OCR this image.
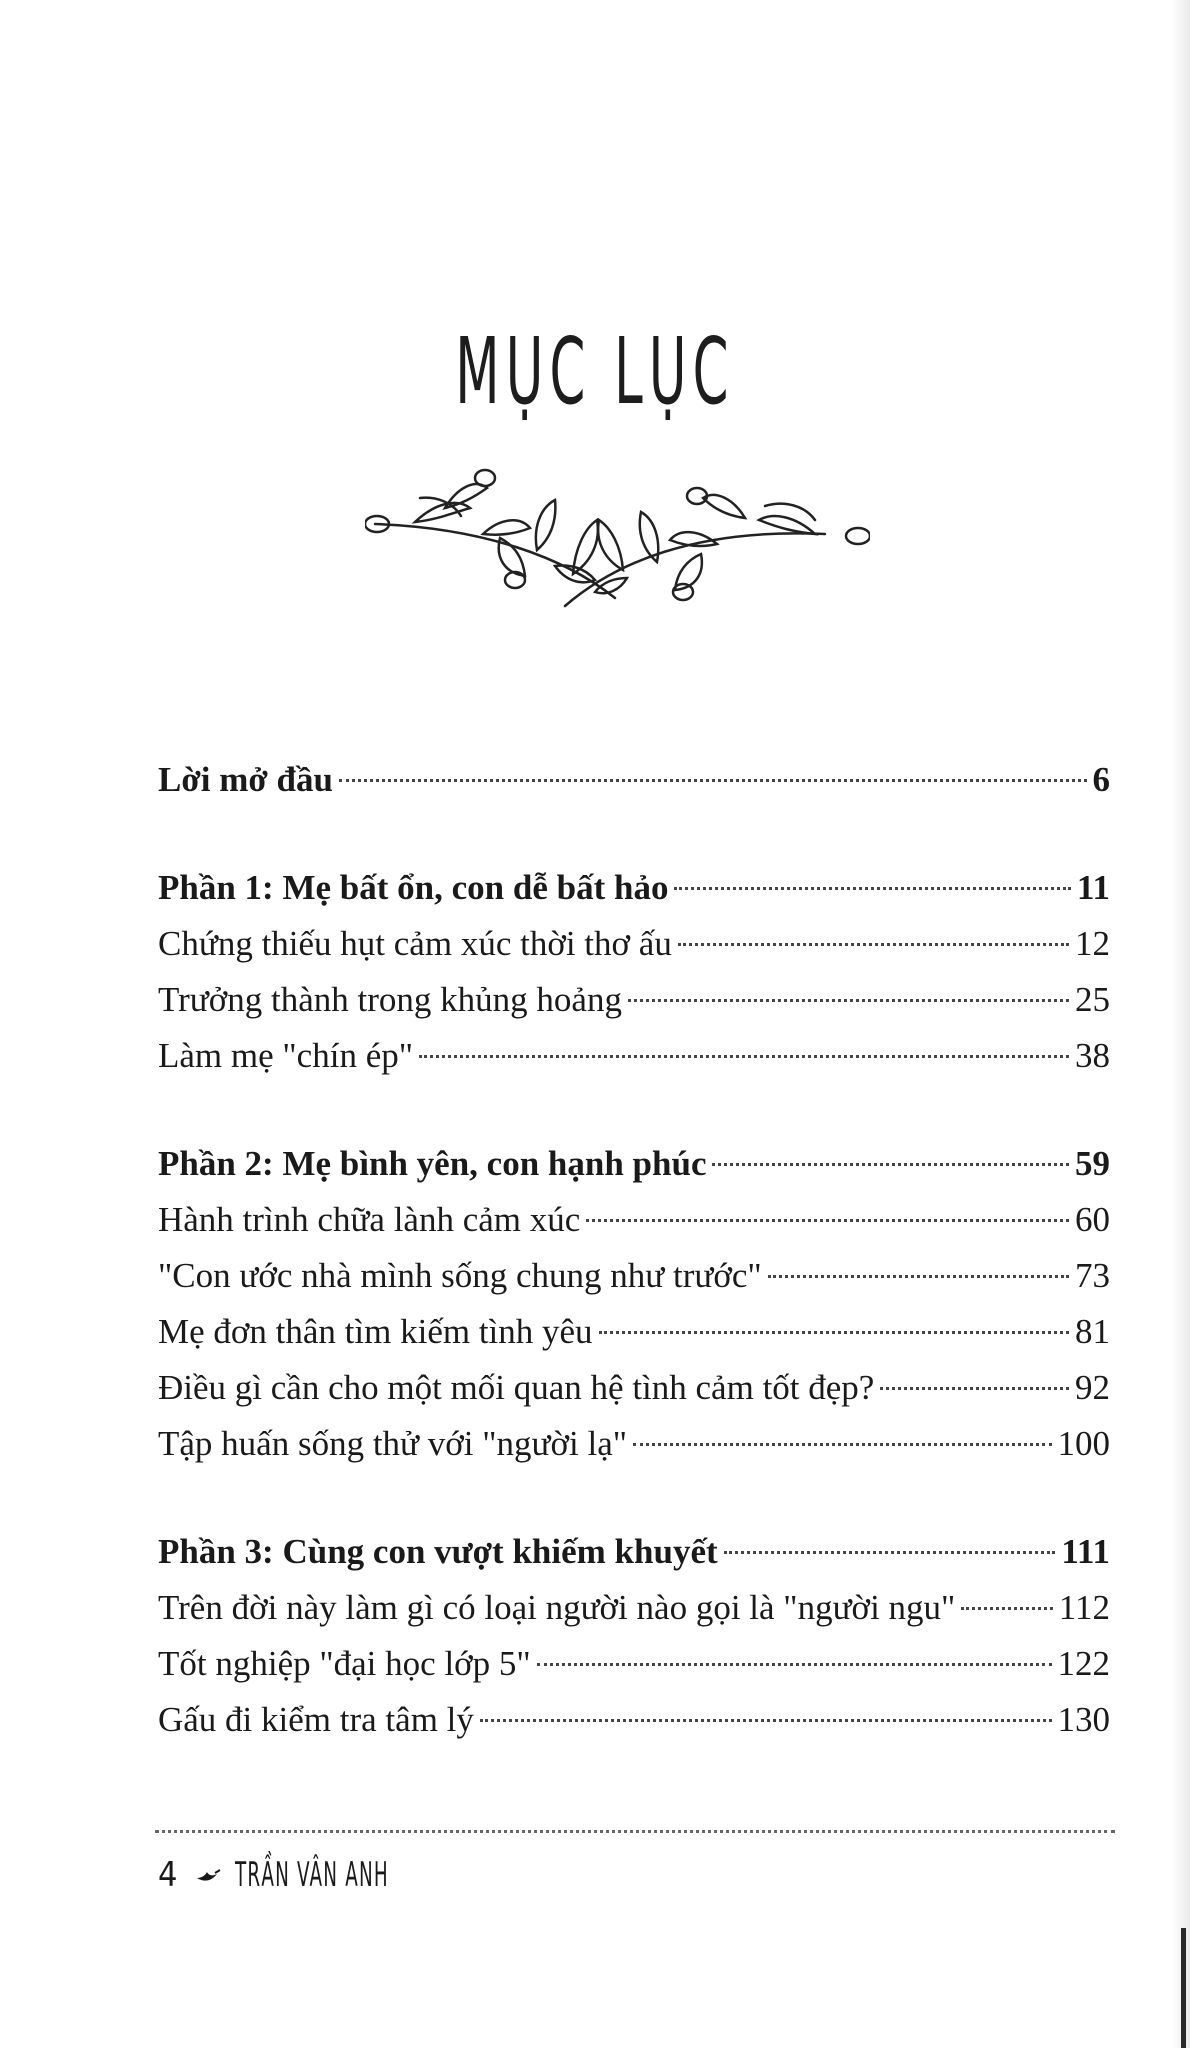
MỤC LỤC
Lời mở đầu	6
Phần 1: Mẹ bất ổn, con dễ bất hảo	11
Chứng thiếu hụt cảm xúc thời thơ ấu	12
Trưởng thành trong khủng hoảng	25
Làm mẹ "chín ép"	38
Phần 2: Mẹ bình yên, con hạnh phúc	59
Hành trình chữa lành cảm xúc	60
"Con ước nhà mình sống chung như trước"	73
Mẹ đơn thân tìm kiếm tình yêu	81
Điều gì cần cho một mối quan hệ tình cảm tốt đẹp?	92
Tập huấn sống thử với "người lạ"	100
Phần 3: Cùng con vượt khiếm khuyết	111
Trên đời này làm gì có loại người nào gọi là "người ngu"	112
Tốt nghiệp "đại học lớp 5"	122
Gấu đi kiểm tra tâm lý	130
4 TRẦN VÂN ANH
